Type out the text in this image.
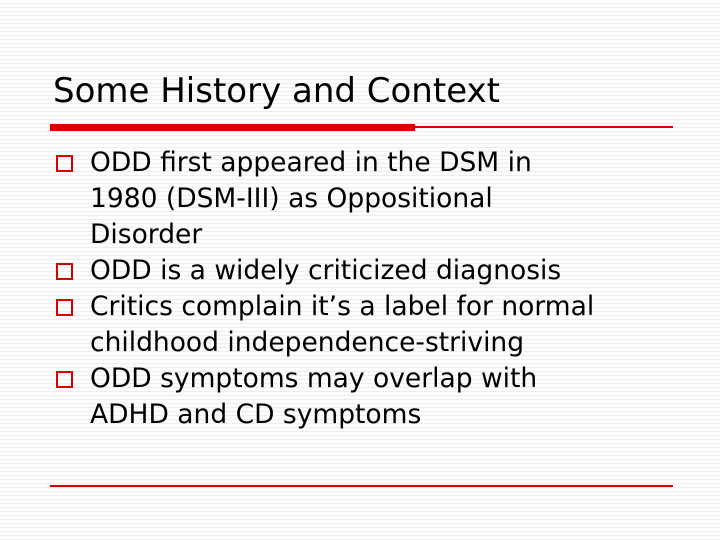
Some History and Context
ODD first appeared in the DSM in
1980 (DSM-III) as Oppositional
Disorder
ODD is a widely criticized diagnosis
Critics complain it’s a label for normal
childhood independence-striving
ODD symptoms may overlap with
ADHD and CD symptoms
